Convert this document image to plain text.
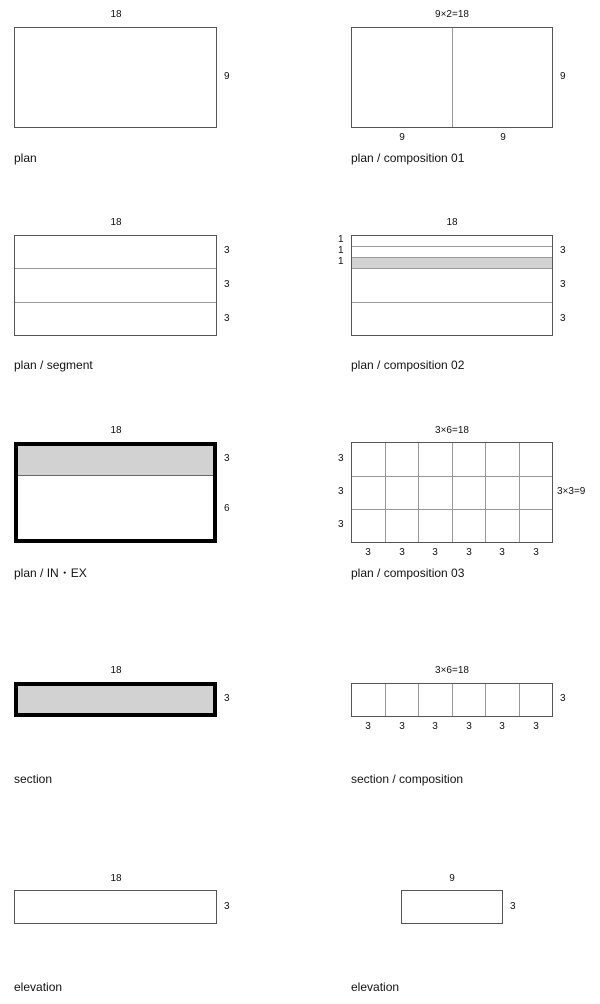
18
9
plan
9×2=18
9
9	9
plan / composition 01
18
3
3
3
plan / segment
18
1
1
1
3
3
3
plan / composition 02
18
3
6
plan / IN・EX
3×6=18
3
3
3
3×3=9
3	3	3	3	3	3
plan / composition 03
18
3
section
3×6=18
3
3	3	3	3	3	3
section / composition
18
3
elevation
9
3
elevation
